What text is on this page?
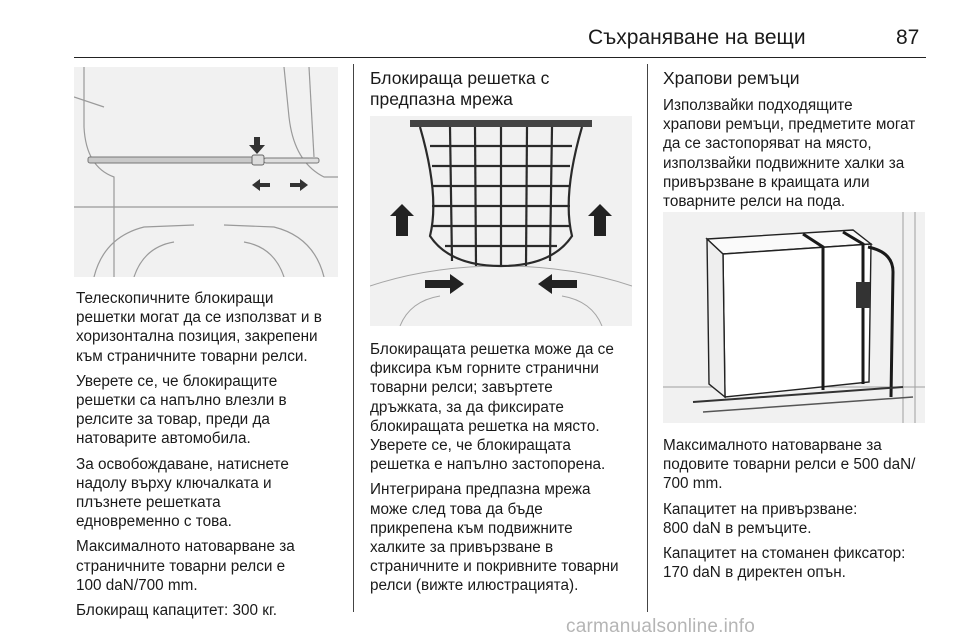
Съхраняване на вещи	87

Телескопичните блокиращи
решетки могат да се използват и в
хоризонтална позиция, закрепени
към страничните товарни релси.

Уверете се, че блокиращите
решетки са напълно влезли в
релсите за товар, преди да
натоварите автомобила.

За освобождаване, натиснете
надолу върху ключалката и
плъзнете решетката
едновременно с това.

Максималното натоварване за
страничните товарни релси е
100 daN/700 mm.

Блокиращ капацитет: 300 кг.

Блокираща решетка с
предпазна мрежа

Блокиращата решетка може да се
фиксира към горните странични
товарни релси; завъртете
дръжката, за да фиксирате
блокиращата решетка на място.
Уверете се, че блокиращата
решетка е напълно застопорена.

Интегрирана предпазна мрежа
може след това да бъде
прикрепена към подвижните
халките за привързване в
страничните и покривните товарни
релси (вижте илюстрацията).

Храпови ремъци

Използвайки подходящите
храпови ремъци, предметите могат
да се застопоряват на място,
използвайки подвижните халки за
привързване в краищата или
товарните релси на пода.

Максималното натоварване за
подовите товарни релси е 500 daN/
700 mm.

Капацитет на привързване:
800 daN в ремъците.

Капацитет на стоманен фиксатор:
170 daN в директен опън.

carmanualsonline.info
